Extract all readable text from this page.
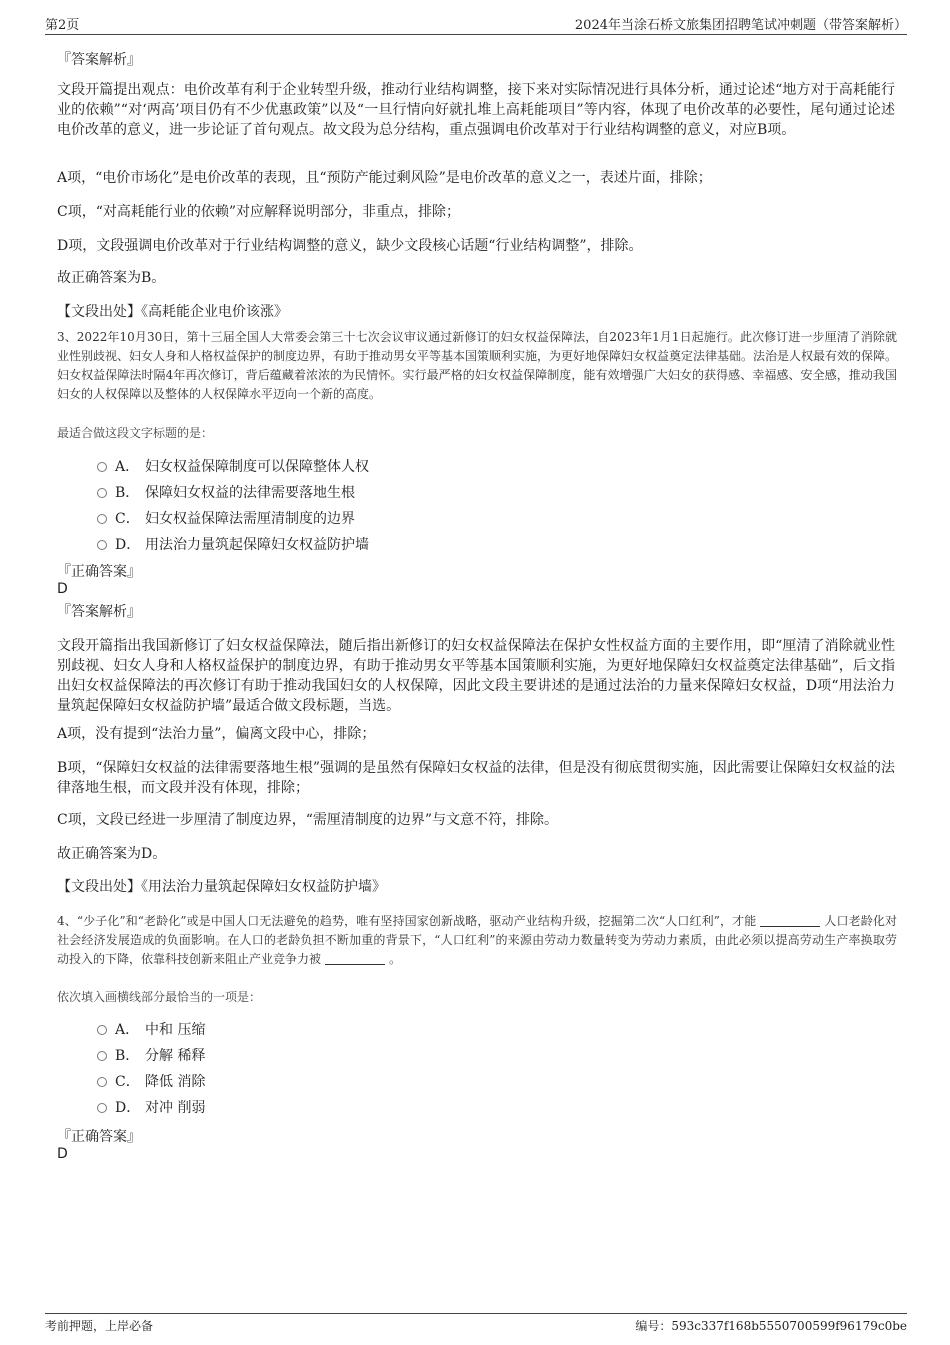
第2页	2024年当涂石桥文旅集团招聘笔试冲刺题（带答案解析）
『答案解析』
文段开篇提出观点：电价改革有利于企业转型升级，推动行业结构调整，接下来对实际情况进行具体分析，通过论述“地方对于高耗能行业的依赖”“对‘两高’项目仍有不少优惠政策”以及“一旦行情向好就扎堆上高耗能项目”等内容，体现了电价改革的必要性，尾句通过论述电价改革的意义，进一步论证了首句观点。故文段为总分结构，重点强调电价改革对于行业结构调整的意义，对应B项。
A项，“电价市场化”是电价改革的表现，且“预防产能过剩风险”是电价改革的意义之一，表述片面，排除；
C项，“对高耗能行业的依赖”对应解释说明部分，非重点，排除；
D项，文段强调电价改革对于行业结构调整的意义，缺少文段核心话题“行业结构调整”，排除。
故正确答案为B。
【文段出处】《高耗能企业电价该涨》
3、2022年10月30日，第十三届全国人大常委会第三十七次会议审议通过新修订的妇女权益保障法，自2023年1月1日起施行。此次修订进一步厘清了消除就业性别歧视、妇女人身和人格权益保护的制度边界，有助于推动男女平等基本国策顺利实施，为更好地保障妇女权益奠定法律基础。法治是人权最有效的保障。妇女权益保障法时隔4年再次修订，背后蕴藏着浓浓的为民情怀。实行最严格的妇女权益保障制度，能有效增强广大妇女的获得感、幸福感、安全感，推动我国妇女的人权保障以及整体的人权保障水平迈向一个新的高度。
最适合做这段文字标题的是：
A． 妇女权益保障制度可以保障整体人权
B． 保障妇女权益的法律需要落地生根
C． 妇女权益保障法需厘清制度的边界
D． 用法治力量筑起保障妇女权益防护墙
『正确答案』
D
『答案解析』
文段开篇指出我国新修订了妇女权益保障法，随后指出新修订的妇女权益保障法在保护女性权益方面的主要作用，即“厘清了消除就业性别歧视、妇女人身和人格权益保护的制度边界，有助于推动男女平等基本国策顺利实施，为更好地保障妇女权益奠定法律基础”，后文指出妇女权益保障法的再次修订有助于推动我国妇女的人权保障，因此文段主要讲述的是通过法治的力量来保障妇女权益，D项“用法治力量筑起保障妇女权益防护墙”最适合做文段标题，当选。
A项，没有提到“法治力量”，偏离文段中心，排除；
B项，“保障妇女权益的法律需要落地生根”强调的是虽然有保障妇女权益的法律，但是没有彻底贯彻实施，因此需要让保障妇女权益的法律落地生根，而文段并没有体现，排除；
C项，文段已经进一步厘清了制度边界，“需厘清制度的边界”与文意不符，排除。
故正确答案为D。
【文段出处】《用法治力量筑起保障妇女权益防护墙》
4、“少子化”和“老龄化”或是中国人口无法避免的趋势，唯有坚持国家创新战略，驱动产业结构升级，挖掘第二次“人口红利”，才能	人口老龄化对社会经济发展造成的负面影响。在人口的老龄负担不断加重的背景下，“人口红利”的来源由劳动力数量转变为劳动力素质，由此必须以提高劳动生产率换取劳动投入的下降，依靠科技创新来阻止产业竞争力被	。
依次填入画横线部分最恰当的一项是：
A． 中和 压缩
B． 分解 稀释
C． 降低 消除
D． 对冲 削弱
『正确答案』
D
考前押题，上岸必备	编号：593c337f168b5550700599f96179c0be
